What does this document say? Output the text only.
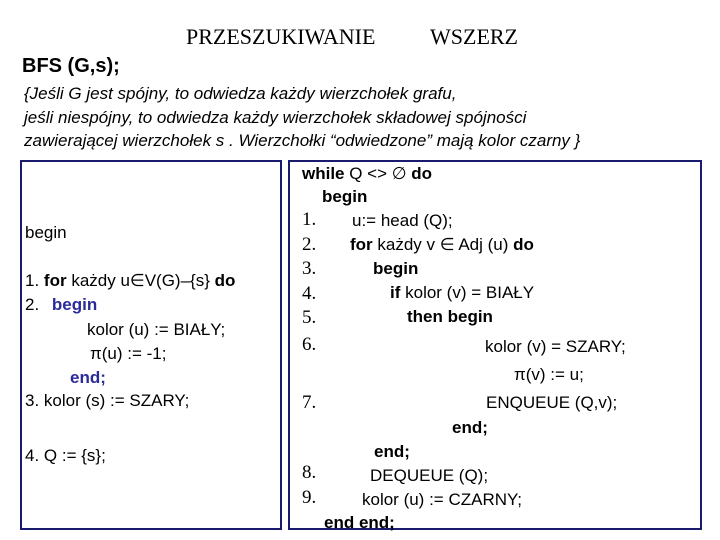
PRZESZUKIWANIE WSZERZ
BFS (G,s);
{Jeśli G jest spójny, to odwiedza każdy wierzchołek grafu,
jeśli niespójny, to odwiedza każdy wierzchołek składowej spójności
zawierającej wierzchołek s . Wierzchołki “odwiedzone” mają kolor czarny }
begin
1. for każdy u∈V(G)–{s} do
2. begin
kolor (u) := BIAŁY;
π(u) := -1;
end;
3. kolor (s) := SZARY;
4. Q := {s};
while Q <> ∅ do
begin
1.
2.
3.
4.
5.
6.
7.
8.
9.
u:= head (Q);
for każdy v ∈ Adj (u) do
begin
if kolor (v) = BIAŁY
then begin
kolor (v) = SZARY;
π(v) := u;
ENQUEUE (Q,v);
end;
end;
DEQUEUE (Q);
kolor (u) := CZARNY;
end end;
